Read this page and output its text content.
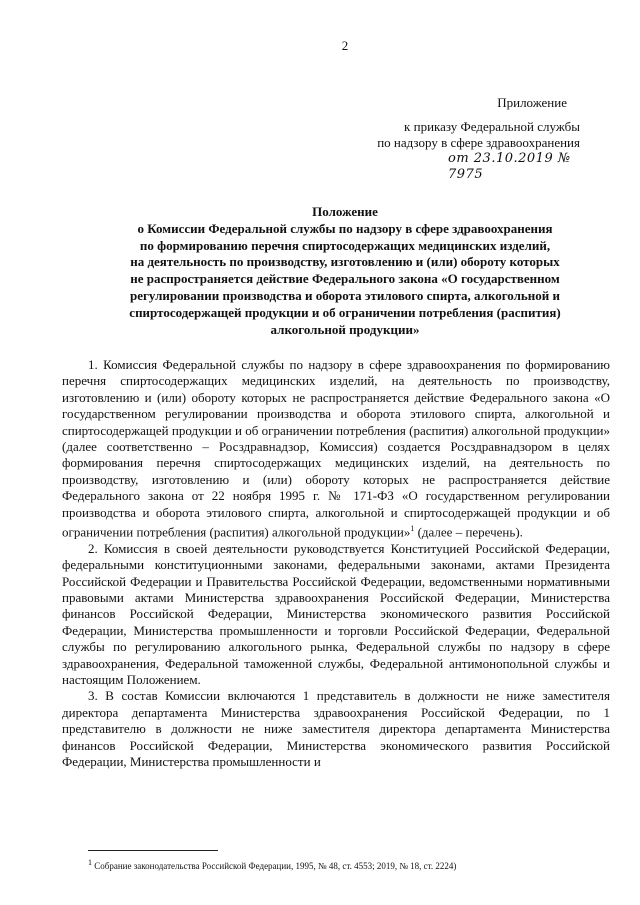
2
Приложение
к приказу Федеральной службы
по надзору в сфере здравоохранения
от 23.10.2019 № 7975
Положение
о Комиссии Федеральной службы по надзору в сфере здравоохранения
по формированию перечня спиртосодержащих медицинских изделий,
на деятельность по производству, изготовлению и (или) обороту которых
не распространяется действие Федерального закона «О государственном
регулировании производства и оборота этилового спирта, алкогольной и
спиртосодержащей продукции и об ограничении потребления (распития)
алкогольной продукции»

1. Комиссия Федеральной службы по надзору в сфере здравоохранения по формированию перечня спиртосодержащих медицинских изделий, на деятельность по производству, изготовлению и (или) обороту которых не распространяется действие Федерального закона «О государственном регулировании производства и оборота этилового спирта, алкогольной и спиртосодержащей продукции и об ограничении потребления (распития) алкогольной продукции» (далее соответственно – Росздравнадзор, Комиссия) создается Росздравнадзором в целях формирования перечня спиртосодержащих медицинских изделий, на деятельность по производству, изготовлению и (или) обороту которых не распространяется действие Федерального закона от 22 ноября 1995 г. № 171-ФЗ «О государственном регулировании производства и оборота этилового спирта, алкогольной и спиртосодержащей продукции и об ограничении потребления (распития) алкогольной продукции»$^1$ (далее – перечень).

2. Комиссия в своей деятельности руководствуется Конституцией Российской Федерации, федеральными конституционными законами, федеральными законами, актами Президента Российской Федерации и Правительства Российской Федерации, ведомственными нормативными правовыми актами Министерства здравоохранения Российской Федерации, Министерства финансов Российской Федерации, Министерства экономического развития Российской Федерации, Министерства промышленности и торговли Российской Федерации, Федеральной службы по регулированию алкогольного рынка, Федеральной службы по надзору в сфере здравоохранения, Федеральной таможенной службы, Федеральной антимонопольной службы и настоящим Положением.

3. В состав Комиссии включаются 1 представитель в должности не ниже заместителя директора департамента Министерства здравоохранения Российской Федерации, по 1 представителю в должности не ниже заместителя директора департамента Министерства финансов Российской Федерации, Министерства экономического развития Российской Федерации, Министерства промышленности и

$^1$ Собрание законодательства Российской Федерации, 1995, № 48, ст. 4553; 2019, № 18, ст. 2224)
